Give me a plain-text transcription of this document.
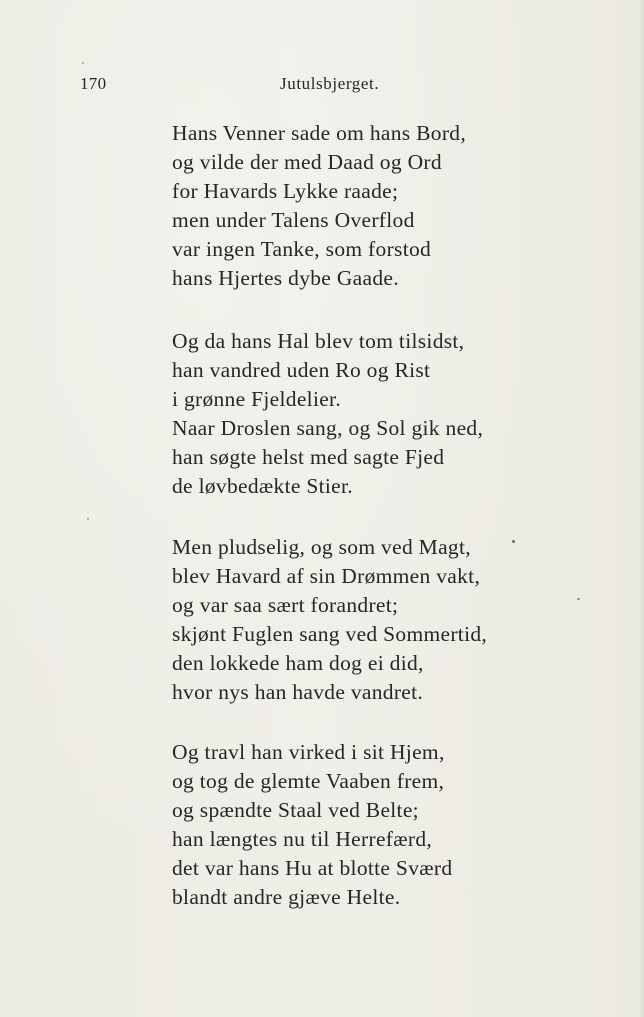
170	Jutulsbjerget.
Hans Venner sade om hans Bord,
og vilde der med Daad og Ord
for Havards Lykke raade;
men under Talens Overflod
var ingen Tanke, som forstod
hans Hjertes dybe Gaade.
Og da hans Hal blev tom tilsidst,
han vandred uden Ro og Rist
i grønne Fjeldelier.
Naar Droslen sang, og Sol gik ned,
han søgte helst med sagte Fjed
de løvbedækte Stier.
Men pludselig, og som ved Magt,
blev Havard af sin Drømmen vakt,
og var saa sært forandret;
skjønt Fuglen sang ved Sommertid,
den lokkede ham dog ei did,
hvor nys han havde vandret.
Og travl han virked i sit Hjem,
og tog de glemte Vaaben frem,
og spændte Staal ved Belte;
han længtes nu til Herrefærd,
det var hans Hu at blotte Sværd
blandt andre gjæve Helte.
